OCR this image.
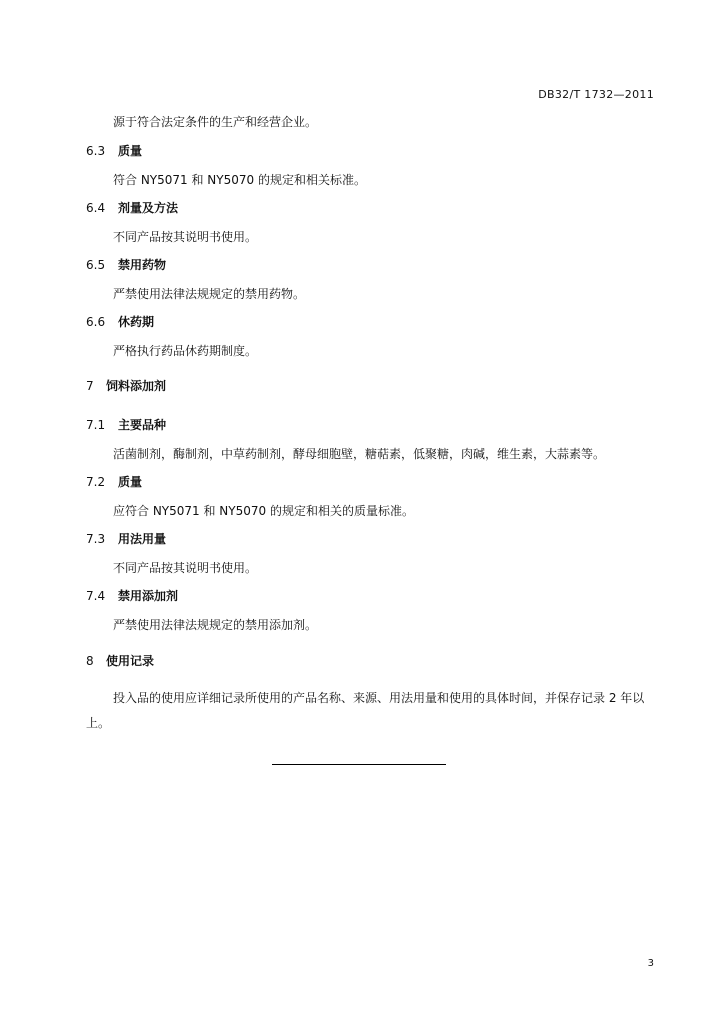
DB32/T 1732—2011
源于符合法定条件的生产和经营企业。
6.3 质量
符合 NY5071 和 NY5070 的规定和相关标准。
6.4 剂量及方法
不同产品按其说明书使用。
6.5 禁用药物
严禁使用法律法规规定的禁用药物。
6.6 休药期
严格执行药品休药期制度。
7 饲料添加剂
7.1 主要品种
活菌制剂，酶制剂，中草药制剂，酵母细胞壁，糖萜素，低聚糖，肉碱，维生素，大蒜素等。
7.2 质量
应符合 NY5071 和 NY5070 的规定和相关的质量标准。
7.3 用法用量
不同产品按其说明书使用。
7.4 禁用添加剂
严禁使用法律法规规定的禁用添加剂。
8 使用记录
投入品的使用应详细记录所使用的产品名称、来源、用法用量和使用的具体时间，并保存记录 2 年以上。
3
